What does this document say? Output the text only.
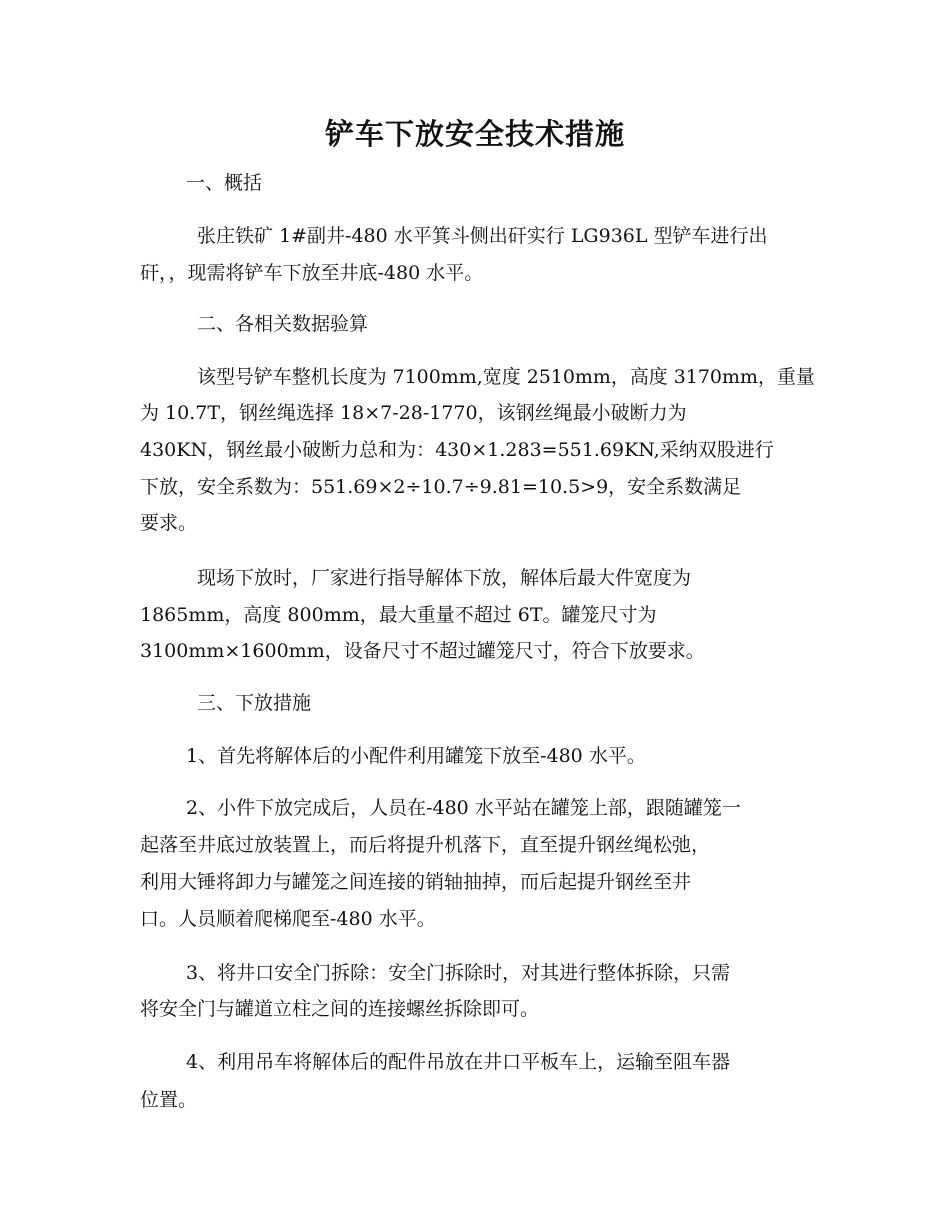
铲车下放安全技术措施

一、概括

张庄铁矿 1#副井-480 水平箕斗侧出矸实行 LG936L 型铲车进行出

矸，，现需将铲车下放至井底-480 水平。

二、各相关数据验算

该型号铲车整机长度为 7100mm,宽度 2510mm，高度 3170mm，重量

为 10.7T，钢丝绳选择 18×7-28-1770，该钢丝绳最小破断力为

430KN，钢丝最小破断力总和为：430×1.283=551.69KN,采纳双股进行

下放，安全系数为：551.69×2÷10.7÷9.81=10.5>9，安全系数满足

要求。

现场下放时，厂家进行指导解体下放，解体后最大件宽度为

1865mm，高度 800mm，最大重量不超过 6T。罐笼尺寸为

3100mm×1600mm，设备尺寸不超过罐笼尺寸，符合下放要求。

三、下放措施

1、首先将解体后的小配件利用罐笼下放至-480 水平。

2、小件下放完成后，人员在-480 水平站在罐笼上部，跟随罐笼一

起落至井底过放装置上，而后将提升机落下，直至提升钢丝绳松弛，

利用大锤将卸力与罐笼之间连接的销轴抽掉，而后起提升钢丝至井

口。人员顺着爬梯爬至-480 水平。

3、将井口安全门拆除：安全门拆除时，对其进行整体拆除，只需

将安全门与罐道立柱之间的连接螺丝拆除即可。

4、利用吊车将解体后的配件吊放在井口平板车上，运输至阻车器

位置。
